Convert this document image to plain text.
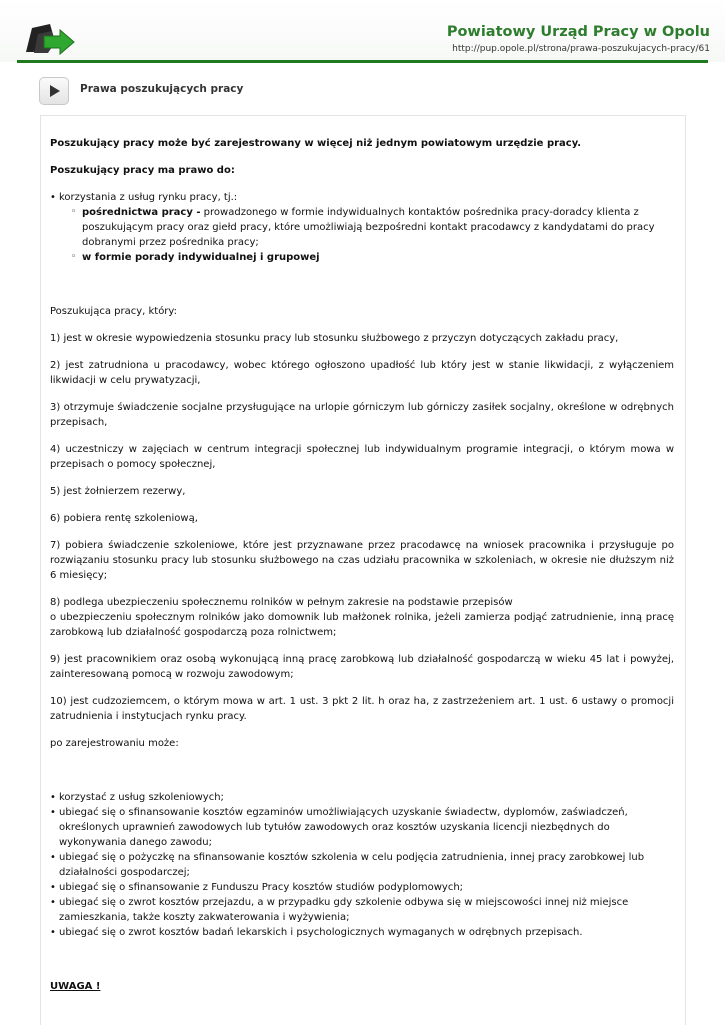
Powiatowy Urząd Pracy w Opolu
http://pup.opole.pl/strona/prawa-poszukujacych-pracy/61
Prawa poszukujących pracy

Poszukujący pracy może być zarejestrowany w więcej niż jednym powiatowym urzędzie pracy.

Poszukujący pracy ma prawo do:

• korzystania z usług rynku pracy, tj.:
◦ pośrednictwa pracy - prowadzonego w formie indywidualnych kontaktów pośrednika pracy-doradcy klienta z poszukującym pracy oraz giełd pracy, które umożliwiają bezpośredni kontakt pracodawcy z kandydatami do pracy dobranymi przez pośrednika pracy;
◦ w formie porady indywidualnej i grupowej

Poszukująca pracy, który:

1) jest w okresie wypowiedzenia stosunku pracy lub stosunku służbowego z przyczyn dotyczących zakładu pracy,

2) jest zatrudniona u pracodawcy, wobec którego ogłoszono upadłość lub który jest w stanie likwidacji, z wyłączeniem likwidacji w celu prywatyzacji,

3) otrzymuje świadczenie socjalne przysługujące na urlopie górniczym lub górniczy zasiłek socjalny, określone w odrębnych przepisach,

4) uczestniczy w zajęciach w centrum integracji społecznej lub indywidualnym programie integracji, o którym mowa w przepisach o pomocy społecznej,

5) jest żołnierzem rezerwy,

6) pobiera rentę szkoleniową,

7) pobiera świadczenie szkoleniowe, które jest przyznawane przez pracodawcę na wniosek pracownika i przysługuje po rozwiązaniu stosunku pracy lub stosunku służbowego na czas udziału pracownika w szkoleniach, w okresie nie dłuższym niż 6 miesięcy;

8) podlega ubezpieczeniu społecznemu rolników w pełnym zakresie na podstawie przepisów
o ubezpieczeniu społecznym rolników jako domownik lub małżonek rolnika, jeżeli zamierza podjąć zatrudnienie, inną pracę zarobkową lub działalność gospodarczą poza rolnictwem;

9) jest pracownikiem oraz osobą wykonującą inną pracę zarobkową lub działalność gospodarczą w wieku 45 lat i powyżej, zainteresowaną pomocą w rozwoju zawodowym;

10) jest cudzoziemcem, o którym mowa w art. 1 ust. 3 pkt 2 lit. h oraz ha, z zastrzeżeniem art. 1 ust. 6 ustawy o promocji zatrudnienia i instytucjach rynku pracy.

po zarejestrowaniu może:

• korzystać z usług szkoleniowych;
• ubiegać się o sfinansowanie kosztów egzaminów umożliwiających uzyskanie świadectw, dyplomów, zaświadczeń, określonych uprawnień zawodowych lub tytułów zawodowych oraz kosztów uzyskania licencji niezbędnych do wykonywania danego zawodu;
• ubiegać się o pożyczkę na sfinansowanie kosztów szkolenia w celu podjęcia zatrudnienia, innej pracy zarobkowej lub działalności gospodarczej;
• ubiegać się o sfinansowanie z Funduszu Pracy kosztów studiów podyplomowych;
• ubiegać się o zwrot kosztów przejazdu, a w przypadku gdy szkolenie odbywa się w miejscowości innej niż miejsce zamieszkania, także koszty zakwaterowania i wyżywienia;
• ubiegać się o zwrot kosztów badań lekarskich i psychologicznych wymaganych w odrębnych przepisach.

UWAGA !
